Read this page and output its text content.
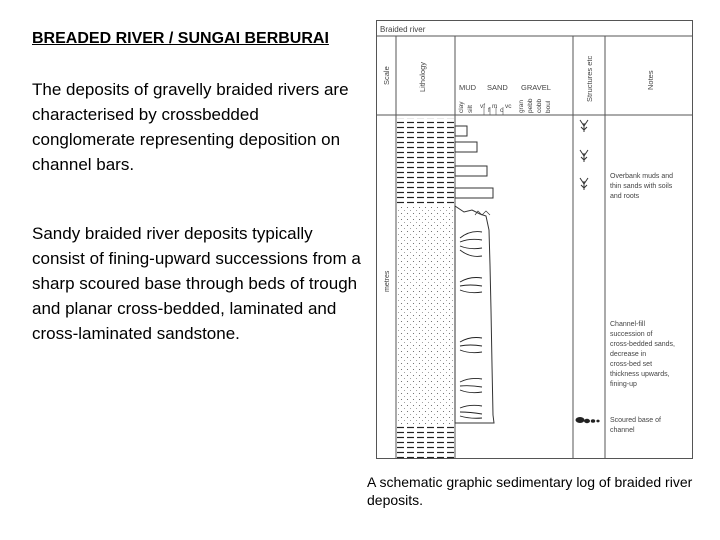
BREADED RIVER / SUNGAI BERBURAI

The deposits of gravelly braided rivers are characterised by crossbedded conglomerate representing deposition on channel bars.

Sandy braided river deposits typically consist of fining-upward successions from a sharp scoured base through beds of trough and planar cross-bedded, laminated and cross-laminated sandstone.

A schematic graphic sedimentary log of braided river deposits.
Braided river
Scale	Lithology	MUD SAND GRAVEL	Structures etc	Notes
clay silt vf
f
m
c
vc gran pebb cobb boul
metres
Overbank muds and thin sands with soils and roots
Channel-fill succession of cross-bedded sands, decrease in cross-bed set thickness upwards, fining-up
Scoured base of channel
